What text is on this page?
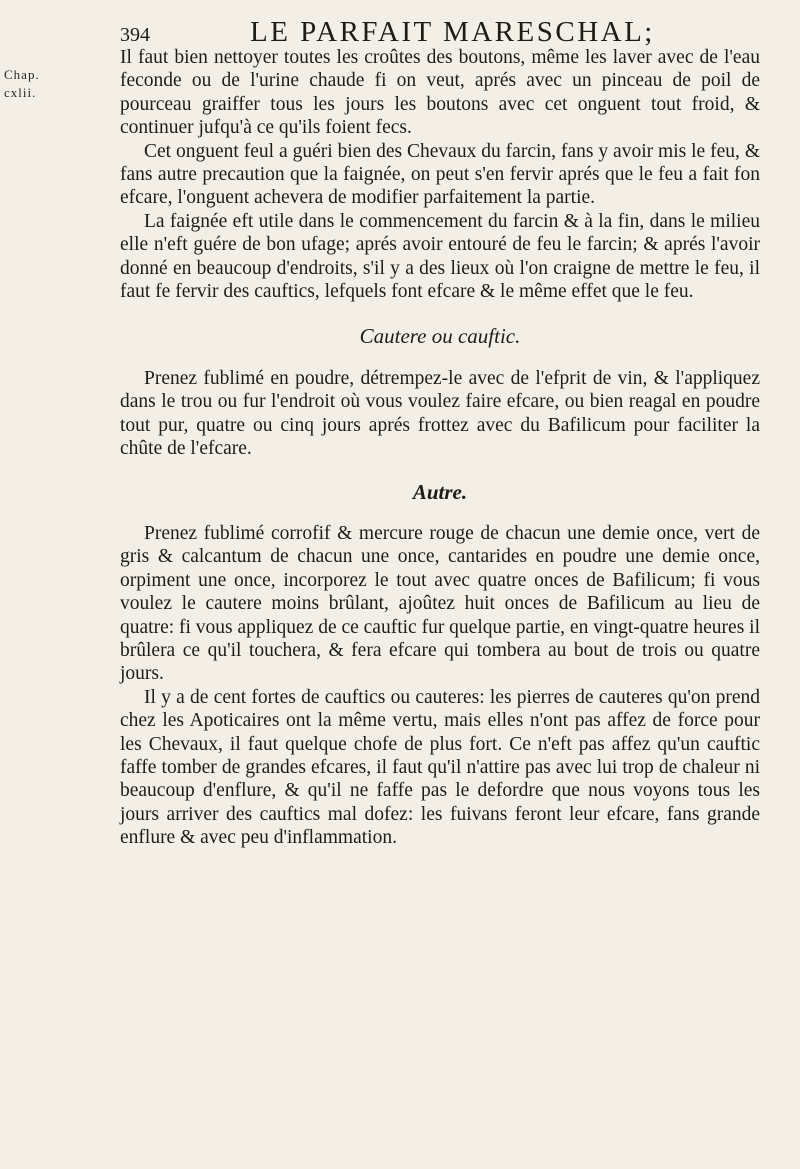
Chap.
cxlii.
394	LE PARFAIT MARESCHAL;

Il faut bien nettoyer toutes les croûtes des boutons, même les laver avec de l'eau feconde ou de l'urine chaude fi on veut, aprés avec un pinceau de poil de pourceau graiffer tous les jours les boutons avec cet onguent tout froid, & continuer jufqu'à ce qu'ils foient fecs.

Cet onguent feul a guéri bien des Chevaux du farcin, fans y avoir mis le feu, & fans autre precaution que la faignée, on peut s'en fervir aprés que le feu a fait fon efcare, l'onguent achevera de modifier parfaitement la partie.

La faignée eft utile dans le commencement du farcin & à la fin, dans le milieu elle n'eft guére de bon ufage; aprés avoir entouré de feu le farcin; & aprés l'avoir donné en beaucoup d'endroits, s'il y a des lieux où l'on craigne de mettre le feu, il faut fe fervir des cauftics, lefquels font efcare & le même effet que le feu.

Cautere ou cauftic.

Prenez fublimé en poudre, détrempez-le avec de l'efprit de vin, & l'appliquez dans le trou ou fur l'endroit où vous voulez faire efcare, ou bien reagal en poudre tout pur, quatre ou cinq jours aprés frottez avec du Bafilicum pour faciliter la chûte de l'efcare.

Autre.

Prenez fublimé corrofif & mercure rouge de chacun une demie once, vert de gris & calcantum de chacun une once, cantarides en poudre une demie once, orpiment une once, incorporez le tout avec quatre onces de Bafilicum; fi vous voulez le cautere moins brûlant, ajoûtez huit onces de Bafilicum au lieu de quatre: fi vous appliquez de ce cauftic fur quelque partie, en vingt-quatre heures il brûlera ce qu'il touchera, & fera efcare qui tombera au bout de trois ou quatre jours.

Il y a de cent fortes de cauftics ou cauteres: les pierres de cauteres qu'on prend chez les Apoticaires ont la même vertu, mais elles n'ont pas affez de force pour les Chevaux, il faut quelque chofe de plus fort. Ce n'eft pas affez qu'un cauftic faffe tomber de grandes efcares, il faut qu'il n'attire pas avec lui trop de chaleur ni beaucoup d'enflure, & qu'il ne faffe pas le defordre que nous voyons tous les jours arriver des cauftics mal dofez: les fuivans feront leur efcare, fans grande enflure & avec peu d'inflammation.
